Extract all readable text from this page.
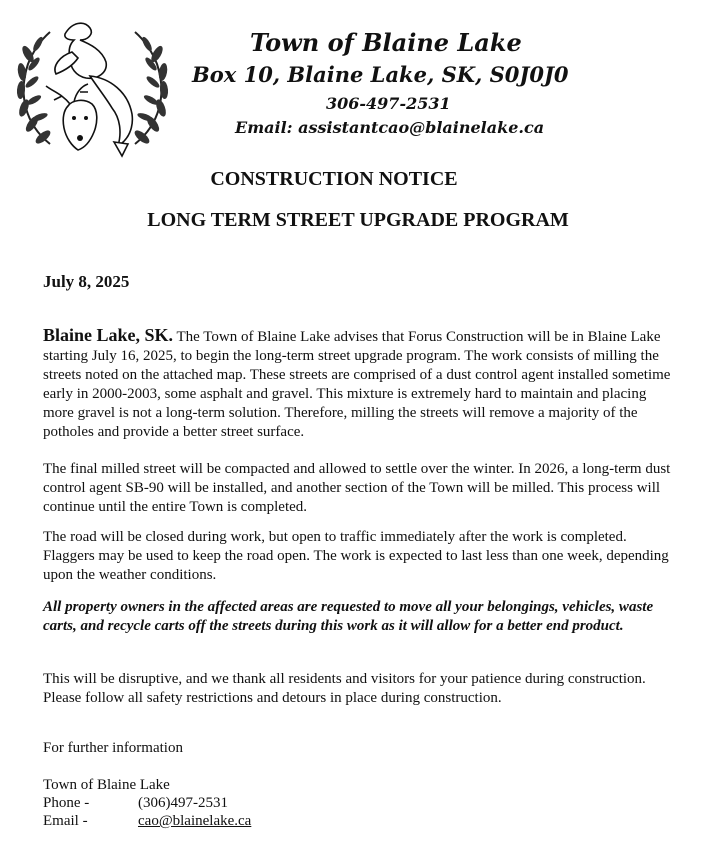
Town of Blaine Lake
Box 10, Blaine Lake, SK, S0J0J0
306-497-2531
Email: assistantcao@blainelake.ca
CONSTRUCTION NOTICE
LONG TERM STREET UPGRADE PROGRAM
July 8, 2025

Blaine Lake, SK. The Town of Blaine Lake advises that Forus Construction will be in Blaine Lake starting July 16, 2025, to begin the long-term street upgrade program. The work consists of milling the streets noted on the attached map. These streets are comprised of a dust control agent installed sometime early in 2000-2003, some asphalt and gravel. This mixture is extremely hard to maintain and placing more gravel is not a long-term solution. Therefore, milling the streets will remove a majority of the potholes and provide a better street surface.

The final milled street will be compacted and allowed to settle over the winter. In 2026, a long-term dust control agent SB-90 will be installed, and another section of the Town will be milled. This process will continue until the entire Town is completed.

The road will be closed during work, but open to traffic immediately after the work is completed. Flaggers may be used to keep the road open. The work is expected to last less than one week, depending upon the weather conditions.

All property owners in the affected areas are requested to move all your belongings, vehicles, waste carts, and recycle carts off the streets during this work as it will allow for a better end product.

This will be disruptive, and we thank all residents and visitors for your patience during construction. Please follow all safety restrictions and detours in place during construction.

For further information
Town of Blaine Lake
Phone -	(306)497-2531
Email -	cao@blainelake.ca
